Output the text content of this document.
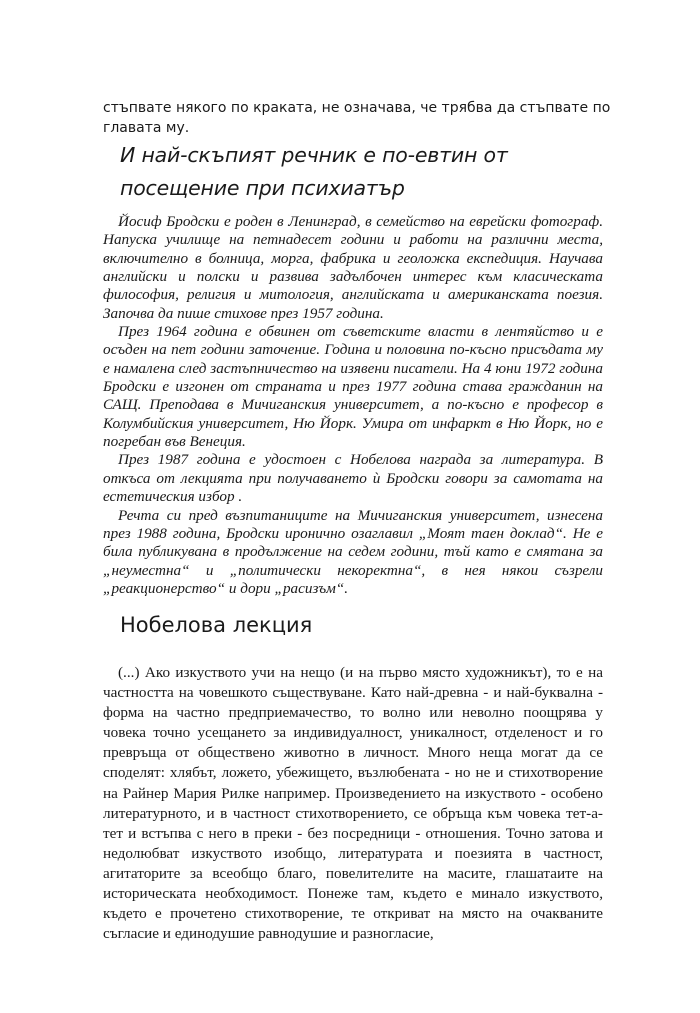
стъпвате някого по краката, не означава, че трябва да стъпвате по главата му.

И най-скъпият речник е по-евтин от посещение при психиатър

Йосиф Бродски е роден в Ленинград, в семейство на еврейски фотограф. Напуска училище на петнадесет години и работи на различни места, включително в болница, морга, фабрика и геоложка експедиция. Научава английски и полски и развива задълбочен интерес към класическата философия, религия и митология, английската и американската поезия. Започва да пише стихове през 1957 година.

През 1964 година е обвинен от съветските власти в лентяйство и е осъден на пет години заточение. Година и половина по-късно присъдата му е намалена след застъпничество на изявени писатели. На 4 юни 1972 година Бродски е изгонен от страната и през 1977 година става гражданин на САЩ. Преподава в Мичиганския университет, а по-късно е професор в Колумбийския университет, Ню Йорк. Умира от инфаркт в Ню Йорк, но е погребан във Венеция.

През 1987 година е удостоен с Нобелова награда за литература. В откъса от лекцията при получаването ѝ Бродски говори за самотата на естетическия избор .

Речта си пред възпитаниците на Мичиганския университет, изнесена през 1988 година, Бродски иронично озаглавил „Моят таен доклад“. Не е била публикувана в продължение на седем години, тъй като е смятана за „неуместна“ и „политически некоректна“, в нея някои съзрели „реакционерство“ и дори „расизъм“.

Нобелова лекция

(...) Ако изкуството учи на нещо (и на първо място художникът), то е на частността на човешкото съществуване. Като най-древна - и най-буквална - форма на частно предприемачество, то волно или неволно поощрява у човека точно усещането за индивидуалност, уникалност, отделеност и го превръща от обществено животно в личност. Много неща могат да се споделят: хлябът, ложето, убежището, възлюбената - но не и стихотворение на Райнер Мария Рилке например. Произведението на изкуството - особено литературното, и в частност стихотворението, се обръща към човека тет-а-тет и встъпва с него в преки - без посредници - отношения. Точно затова и недолюбват изкуството изобщо, литературата и поезията в частност, агитаторите за всеобщо благо, повелителите на масите, глашатаите на историческата необходимост. Понеже там, където е минало изкуството, където е прочетено стихотворение, те откриват на място на очакваните съгласие и единодушие равнодушие и разногласие,
